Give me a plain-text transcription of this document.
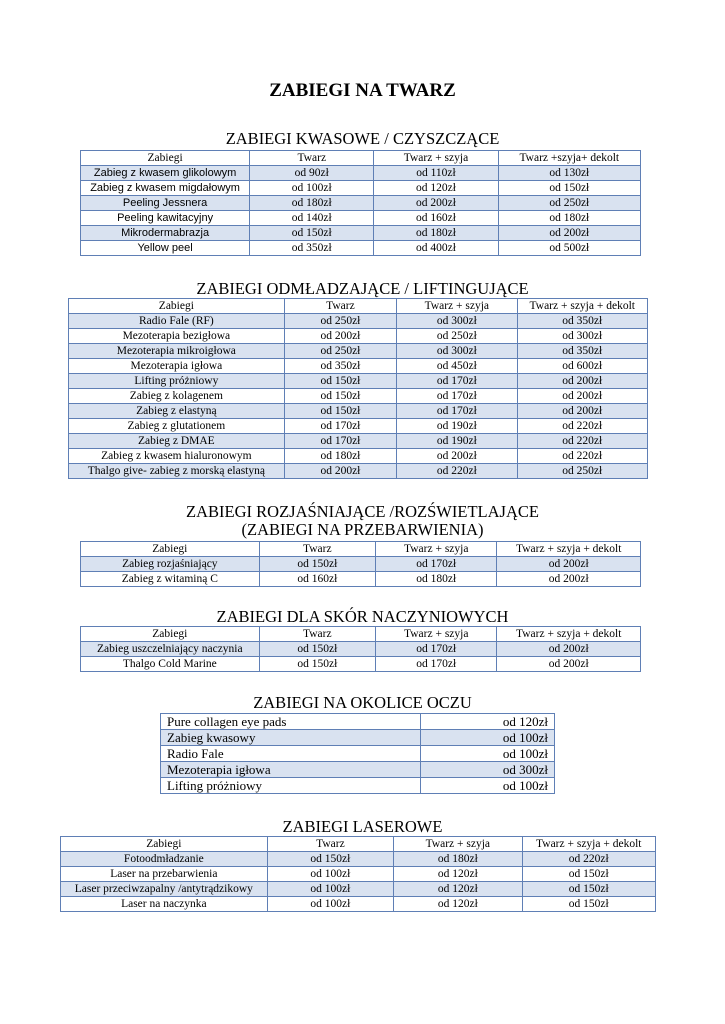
ZABIEGI NA TWARZ
ZABIEGI KWASOWE / CZYSZCZĄCE
Zabiegi	Twarz	Twarz + szyja	Twarz +szyja+ dekolt
Zabieg z kwasem glikolowym	od 90zł	od 110zł	od 130zł
Zabieg z kwasem migdałowym	od 100zł	od 120zł	od 150zł
Peeling Jessnera	od 180zł	od 200zł	od 250zł
Peeling kawitacyjny	od 140zł	od 160zł	od 180zł
Mikrodermabrazja	od 150zł	od 180zł	od 200zł
Yellow peel	od 350zł	od 400zł	od 500zł
ZABIEGI ODMŁADZAJĄCE / LIFTINGUJĄCE
Zabiegi	Twarz	Twarz + szyja	Twarz + szyja + dekolt
Radio Fale (RF)	od 250zł	od 300zł	od 350zł
Mezoterapia bezigłowa	od 200zł	od 250zł	od 300zł
Mezoterapia mikroigłowa	od 250zł	od 300zł	od 350zł
Mezoterapia igłowa	od 350zł	od 450zł	od 600zł
Lifting próżniowy	od 150zł	od 170zł	od 200zł
Zabieg z kolagenem	od 150zł	od 170zł	od 200zł
Zabieg z elastyną	od 150zł	od 170zł	od 200zł
Zabieg z glutationem	od 170zł	od 190zł	od 220zł
Zabieg z DMAE	od 170zł	od 190zł	od 220zł
Zabieg z kwasem hialuronowym	od 180zł	od 200zł	od 220zł
Thalgo give- zabieg z morską elastyną	od 200zł	od 220zł	od 250zł
ZABIEGI ROZJAŚNIAJĄCE /ROZŚWIETLAJĄCE
(ZABIEGI NA PRZEBARWIENIA)
Zabiegi	Twarz	Twarz + szyja	Twarz + szyja + dekolt
Zabieg rozjaśniający	od 150zł	od 170zł	od 200zł
Zabieg z witaminą C	od 160zł	od 180zł	od 200zł
ZABIEGI DLA SKÓR NACZYNIOWYCH
Zabiegi	Twarz	Twarz + szyja	Twarz + szyja + dekolt
Zabieg uszczelniający naczynia	od 150zł	od 170zł	od 200zł
Thalgo Cold Marine	od 150zł	od 170zł	od 200zł
ZABIEGI NA OKOLICE OCZU
Pure collagen eye pads	od 120zł
Zabieg kwasowy	od 100zł
Radio Fale	od 100zł
Mezoterapia igłowa	od 300zł
Lifting próżniowy	od 100zł
ZABIEGI LASEROWE
Zabiegi	Twarz	Twarz + szyja	Twarz + szyja + dekolt
Fotoodmładzanie	od 150zł	od 180zł	od 220zł
Laser na przebarwienia	od 100zł	od 120zł	od 150zł
Laser przeciwzapalny /antytrądzikowy	od 100zł	od 120zł	od 150zł
Laser na naczynka	od 100zł	od 120zł	od 150zł
